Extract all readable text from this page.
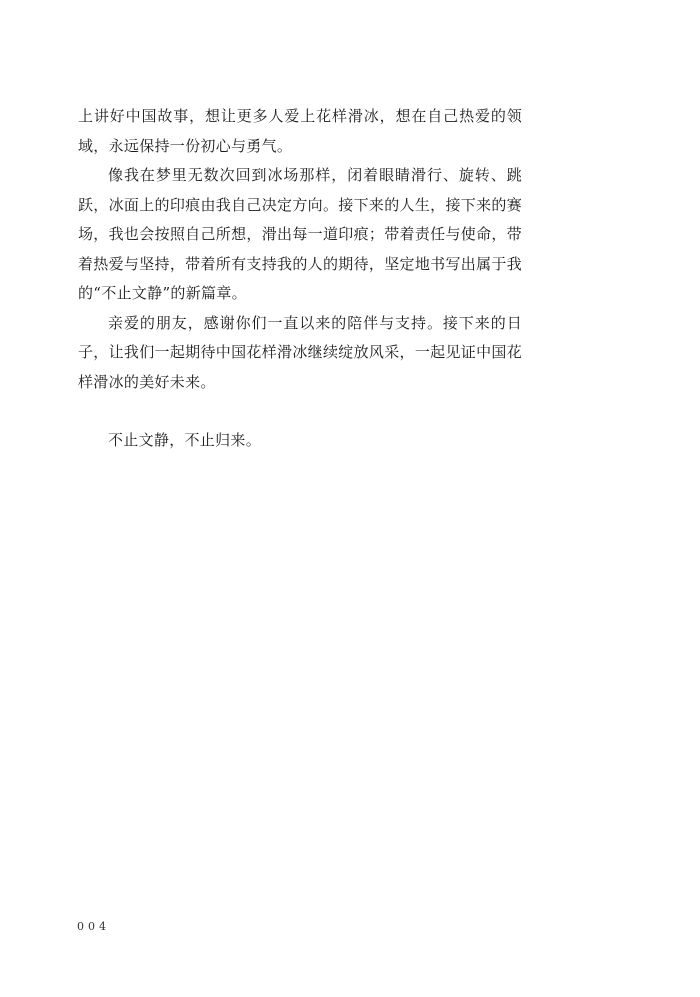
上讲好中国故事，想让更多人爱上花样滑冰，想在自己热爱的领域，永远保持一份初心与勇气。

像我在梦里无数次回到冰场那样，闭着眼睛滑行、旋转、跳跃，冰面上的印痕由我自己决定方向。接下来的人生，接下来的赛场，我也会按照自己所想，滑出每一道印痕；带着责任与使命，带着热爱与坚持，带着所有支持我的人的期待，坚定地书写出属于我的“不止文静”的新篇章。

亲爱的朋友，感谢你们一直以来的陪伴与支持。接下来的日子，让我们一起期待中国花样滑冰继续绽放风采，一起见证中国花样滑冰的美好未来。

不止文静，不止归来。

004
